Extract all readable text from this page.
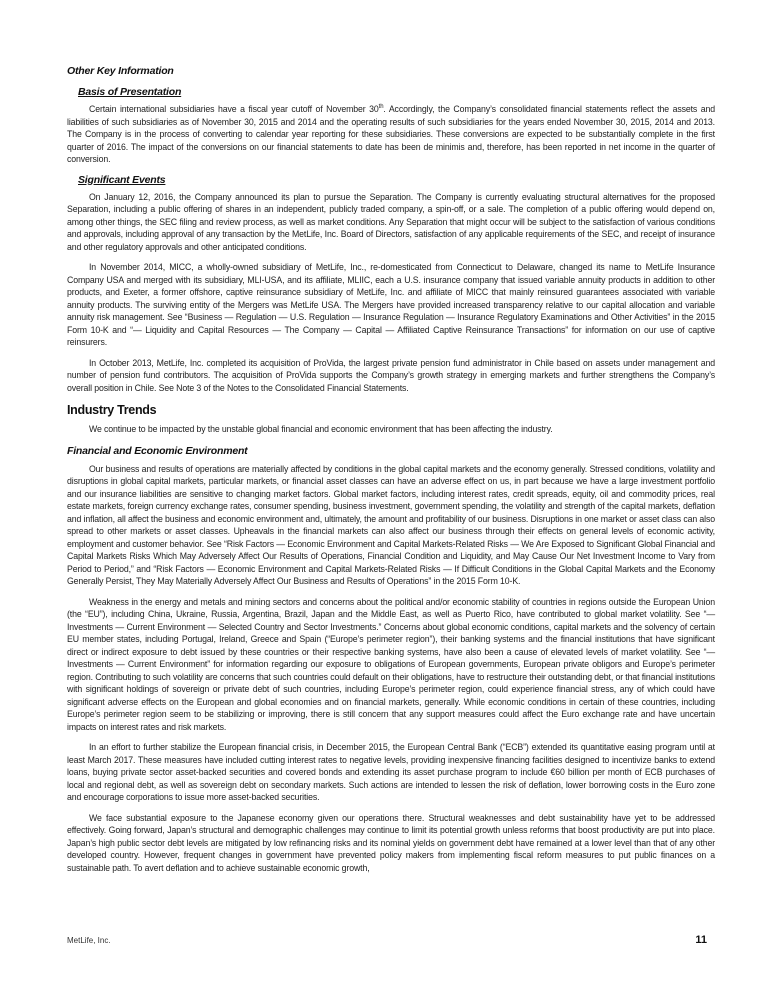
Other Key Information
Basis of Presentation

Certain international subsidiaries have a fiscal year cutoff of November 30th. Accordingly, the Company’s consolidated financial statements reflect the assets and liabilities of such subsidiaries as of November 30, 2015 and 2014 and the operating results of such subsidiaries for the years ended November 30, 2015, 2014 and 2013. The Company is in the process of converting to calendar year reporting for these subsidiaries. These conversions are expected to be substantially complete in the first quarter of 2016. The impact of the conversions on our financial statements to date has been de minimis and, therefore, has been reported in net income in the quarter of conversion.

Significant Events

On January 12, 2016, the Company announced its plan to pursue the Separation. The Company is currently evaluating structural alternatives for the proposed Separation, including a public offering of shares in an independent, publicly traded company, a spin-off, or a sale. The completion of a public offering would depend on, among other things, the SEC filing and review process, as well as market conditions. Any Separation that might occur will be subject to the satisfaction of various conditions and approvals, including approval of any transaction by the MetLife, Inc. Board of Directors, satisfaction of any applicable requirements of the SEC, and receipt of insurance and other regulatory approvals and other anticipated conditions.

In November 2014, MICC, a wholly-owned subsidiary of MetLife, Inc., re-domesticated from Connecticut to Delaware, changed its name to MetLife Insurance Company USA and merged with its subsidiary, MLI-USA, and its affiliate, MLIIC, each a U.S. insurance company that issued variable annuity products in addition to other products, and Exeter, a former offshore, captive reinsurance subsidiary of MetLife, Inc. and affiliate of MICC that mainly reinsured guarantees associated with variable annuity products. The surviving entity of the Mergers was MetLife USA. The Mergers have provided increased transparency relative to our capital allocation and variable annuity risk management. See “Business — Regulation — U.S. Regulation — Insurance Regulation — Insurance Regulatory Examinations and Other Activities” in the 2015 Form 10-K and “— Liquidity and Capital Resources — The Company — Capital — Affiliated Captive Reinsurance Transactions” for information on our use of captive reinsurers.

In October 2013, MetLife, Inc. completed its acquisition of ProVida, the largest private pension fund administrator in Chile based on assets under management and number of pension fund contributors. The acquisition of ProVida supports the Company’s growth strategy in emerging markets and further strengthens the Company’s overall position in Chile. See Note 3 of the Notes to the Consolidated Financial Statements.

Industry Trends

We continue to be impacted by the unstable global financial and economic environment that has been affecting the industry.

Financial and Economic Environment

Our business and results of operations are materially affected by conditions in the global capital markets and the economy generally. Stressed conditions, volatility and disruptions in global capital markets, particular markets, or financial asset classes can have an adverse effect on us, in part because we have a large investment portfolio and our insurance liabilities are sensitive to changing market factors. Global market factors, including interest rates, credit spreads, equity, oil and commodity prices, real estate markets, foreign currency exchange rates, consumer spending, business investment, government spending, the volatility and strength of the capital markets, deflation and inflation, all affect the business and economic environment and, ultimately, the amount and profitability of our business. Disruptions in one market or asset class can also spread to other markets or asset classes. Upheavals in the financial markets can also affect our business through their effects on general levels of economic activity, employment and customer behavior. See “Risk Factors — Economic Environment and Capital Markets-Related Risks — We Are Exposed to Significant Global Financial and Capital Markets Risks Which May Adversely Affect Our Results of Operations, Financial Condition and Liquidity, and May Cause Our Net Investment Income to Vary from Period to Period,” and “Risk Factors — Economic Environment and Capital Markets-Related Risks — If Difficult Conditions in the Global Capital Markets and the Economy Generally Persist, They May Materially Adversely Affect Our Business and Results of Operations” in the 2015 Form 10-K.

Weakness in the energy and metals and mining sectors and concerns about the political and/or economic stability of countries in regions outside the European Union (the “EU”), including China, Ukraine, Russia, Argentina, Brazil, Japan and the Middle East, as well as Puerto Rico, have contributed to global market volatility. See “— Investments — Current Environment — Selected Country and Sector Investments.” Concerns about global economic conditions, capital markets and the solvency of certain EU member states, including Portugal, Ireland, Greece and Spain (“Europe’s perimeter region”), their banking systems and the financial institutions that have significant direct or indirect exposure to debt issued by these countries or their respective banking systems, have also been a cause of elevated levels of market volatility. See “— Investments — Current Environment” for information regarding our exposure to obligations of European governments, European private obligors and Europe’s perimeter region. Contributing to such volatility are concerns that such countries could default on their obligations, have to restructure their outstanding debt, or that financial institutions with significant holdings of sovereign or private debt of such countries, including Europe’s perimeter region, could experience financial stress, any of which could have significant adverse effects on the European and global economies and on financial markets, generally. While economic conditions in certain of these countries, including Europe’s perimeter region seem to be stabilizing or improving, there is still concern that any support measures could affect the Euro exchange rate and have uncertain impacts on interest rates and risk markets.

In an effort to further stabilize the European financial crisis, in December 2015, the European Central Bank (“ECB”) extended its quantitative easing program until at least March 2017. These measures have included cutting interest rates to negative levels, providing inexpensive financing facilities designed to incentivize banks to extend loans, buying private sector asset-backed securities and covered bonds and extending its asset purchase program to include €60 billion per month of ECB purchases of local and regional debt, as well as sovereign debt on secondary markets. Such actions are intended to lessen the risk of deflation, lower borrowing costs in the Euro zone and encourage corporations to issue more asset-backed securities.

We face substantial exposure to the Japanese economy given our operations there. Structural weaknesses and debt sustainability have yet to be addressed effectively. Going forward, Japan’s structural and demographic challenges may continue to limit its potential growth unless reforms that boost productivity are put into place. Japan’s high public sector debt levels are mitigated by low refinancing risks and its nominal yields on government debt have remained at a lower level than that of any other developed country. However, frequent changes in government have prevented policy makers from implementing fiscal reform measures to put public finances on a sustainable path. To avert deflation and to achieve sustainable economic growth,

MetLife, Inc.	11
